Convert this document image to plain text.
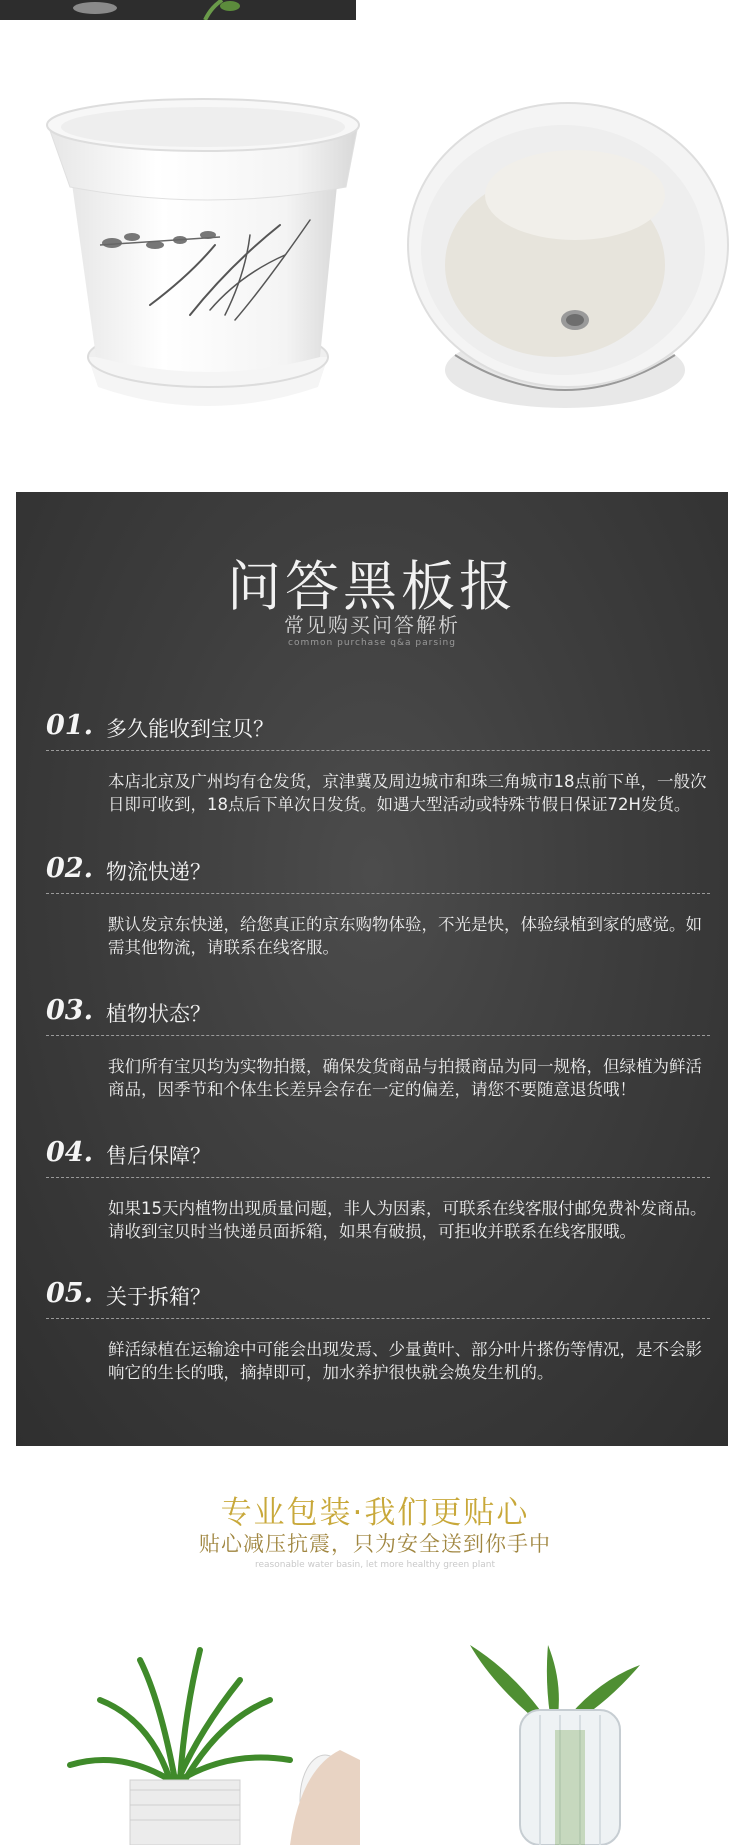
问答黑板报
常见购买问答解析
common purchase q&a parsing
01. 多久能收到宝贝？
本店北京及广州均有仓发货，京津冀及周边城市和珠三角城市18点前下单，一般次日即可收到，18点后下单次日发货。如遇大型活动或特殊节假日保证72H发货。
02. 物流快递？
默认发京东快递，给您真正的京东购物体验，不光是快，体验绿植到家的感觉。如需其他物流，请联系在线客服。
03. 植物状态？
我们所有宝贝均为实物拍摄，确保发货商品与拍摄商品为同一规格，但绿植为鲜活商品，因季节和个体生长差异会存在一定的偏差，请您不要随意退货哦！
04. 售后保障？
如果15天内植物出现质量问题，非人为因素，可联系在线客服付邮免费补发商品。请收到宝贝时当快递员面拆箱，如果有破损，可拒收并联系在线客服哦。
05. 关于拆箱？
鲜活绿植在运输途中可能会出现发焉、少量黄叶、部分叶片搽伤等情况，是不会影响它的生长的哦，摘掉即可，加水养护很快就会焕发生机的。
专业包装·我们更贴心
贴心减压抗震，只为安全送到你手中
reasonable water basin, let more healthy green plant
